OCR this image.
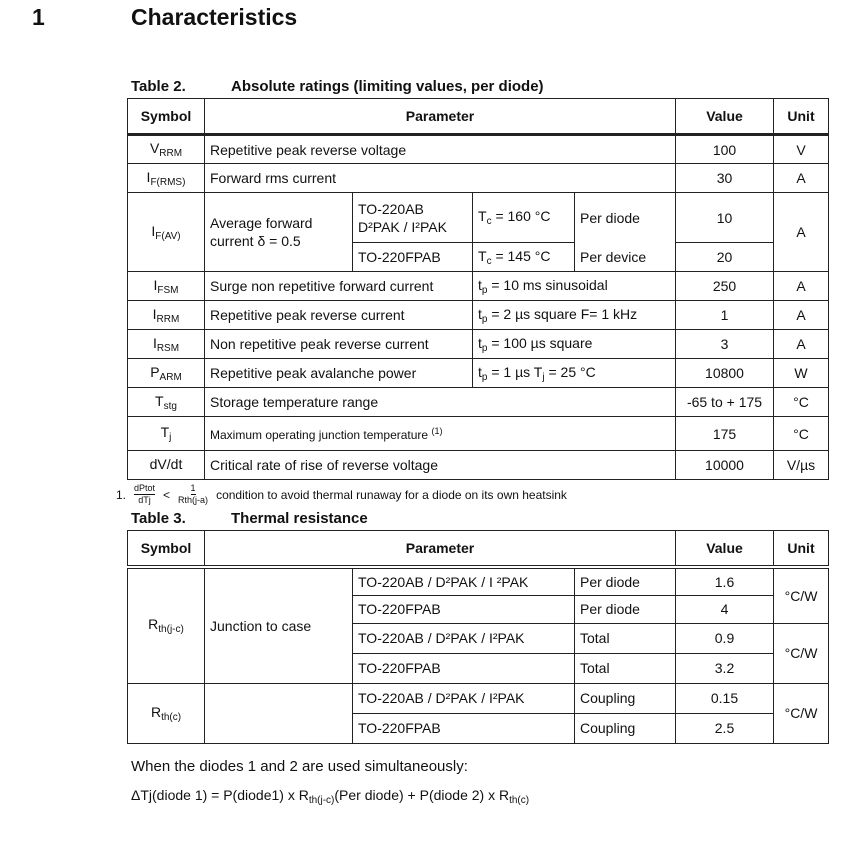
1	Characteristics
Table 2.	Absolute ratings (limiting values, per diode)
Symbol	Parameter				Value	Unit
$V_{RRM}$	Repetitive peak reverse voltage				100	V
$I_{F(RMS)}$	Forward rms current				30	A
$I_{F(AV)}$	Average forward current δ = 0.5	TO-220AB D²PAK / I²PAK	$T_c = 160$ °C	Per diode	10	A
		TO-220FPAB	$T_c = 145$ °C	Per device	20	
$I_{FSM}$	Surge non repetitive forward current		$t_p = 10$ ms sinusoidal		250	A
$I_{RRM}$	Repetitive peak reverse current		$t_p = 2$ µs square F= 1 kHz		1	A
$I_{RSM}$	Non repetitive peak reverse current		$t_p = 100$ µs square		3	A
$P_{ARM}$	Repetitive peak avalanche power		$t_p = 1$ µs $T_j = 25$ °C		10800	W
$T_{stg}$	Storage temperature range				-65 to + 175	°C
$T_j$	Maximum operating junction temperature $^{(1)}$				175	°C
dV/dt	Critical rate of rise of reverse voltage				10000	V/µs
1. $\frac{\text{dPtot}}{\text{dTj}} < \frac{1}{\text{Rth(j-a)}}$ condition to avoid thermal runaway for a diode on its own heatsink
Table 3.	Thermal resistance
Symbol	Parameter			Value	Unit
$R_{th(j-c)}$	Junction to case	TO-220AB / D²PAK / I ²PAK	Per diode	1.6	°C/W
		TO-220FPAB	Per diode	4	
		TO-220AB / D²PAK / I²PAK	Total	0.9	°C/W
		TO-220FPAB	Total	3.2	
$R_{th(c)}$		TO-220AB / D²PAK / I²PAK	Coupling	0.15	°C/W
		TO-220FPAB	Coupling	2.5	
When the diodes 1 and 2 are used simultaneously:
ΔTj(diode 1) = P(diode1) x $R_{th(j-c)}(Per$ diode) + P(diode 2) x $R_{th(c)}$
